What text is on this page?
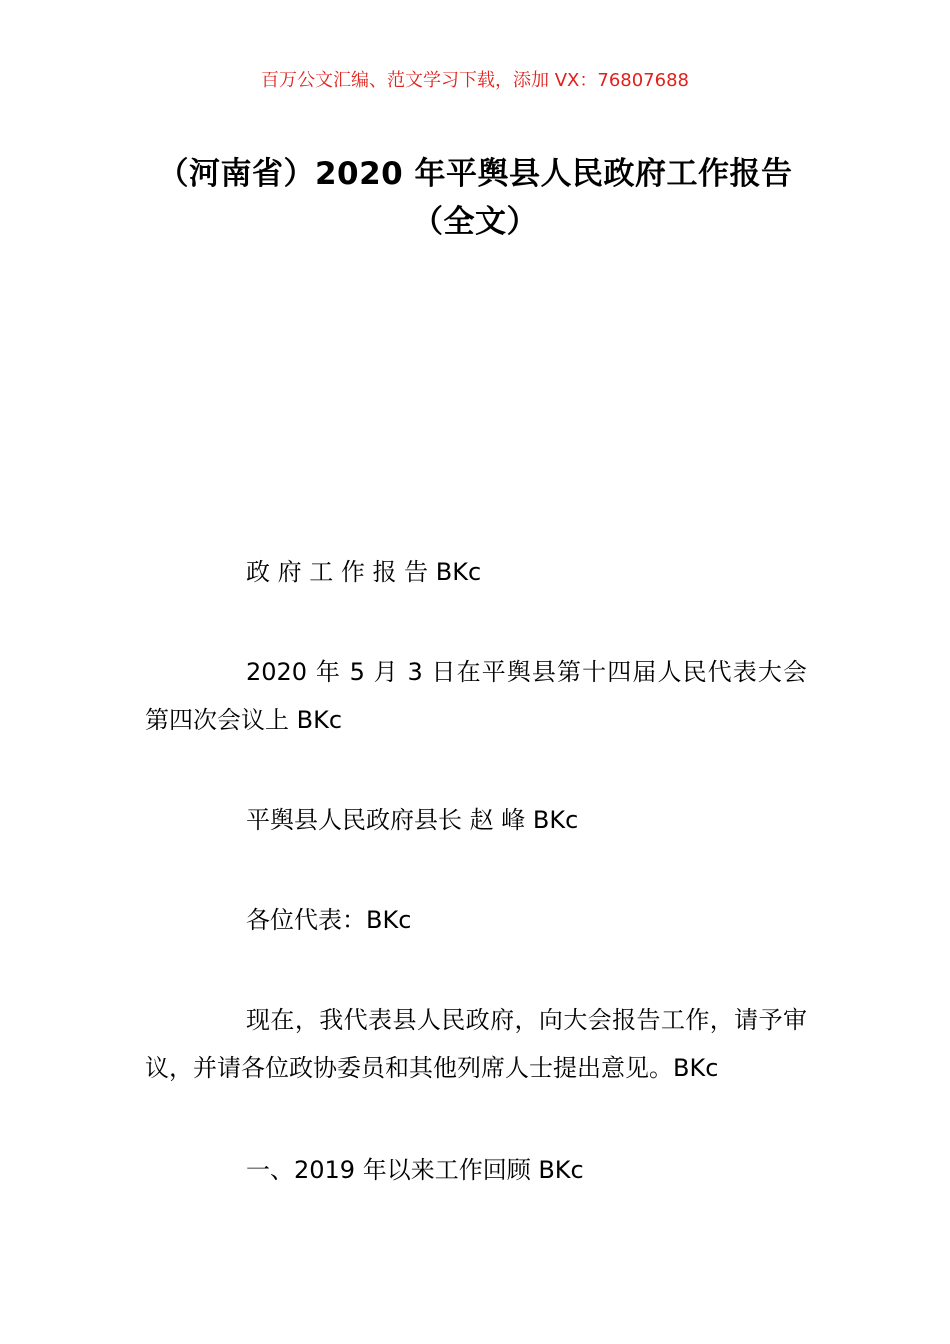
百万公文汇编、范文学习下载，添加 VX：76807688
（河南省）2020 年平舆县人民政府工作报告（全文）

政 府 工 作 报 告 BKc

2020 年 5 月 3 日在平舆县第十四届人民代表大会第四次会议上 BKc

平舆县人民政府县长 赵 峰 BKc

各位代表：BKc

现在，我代表县人民政府，向大会报告工作，请予审议，并请各位政协委员和其他列席人士提出意见。BKc

一、2019 年以来工作回顾 BKc
